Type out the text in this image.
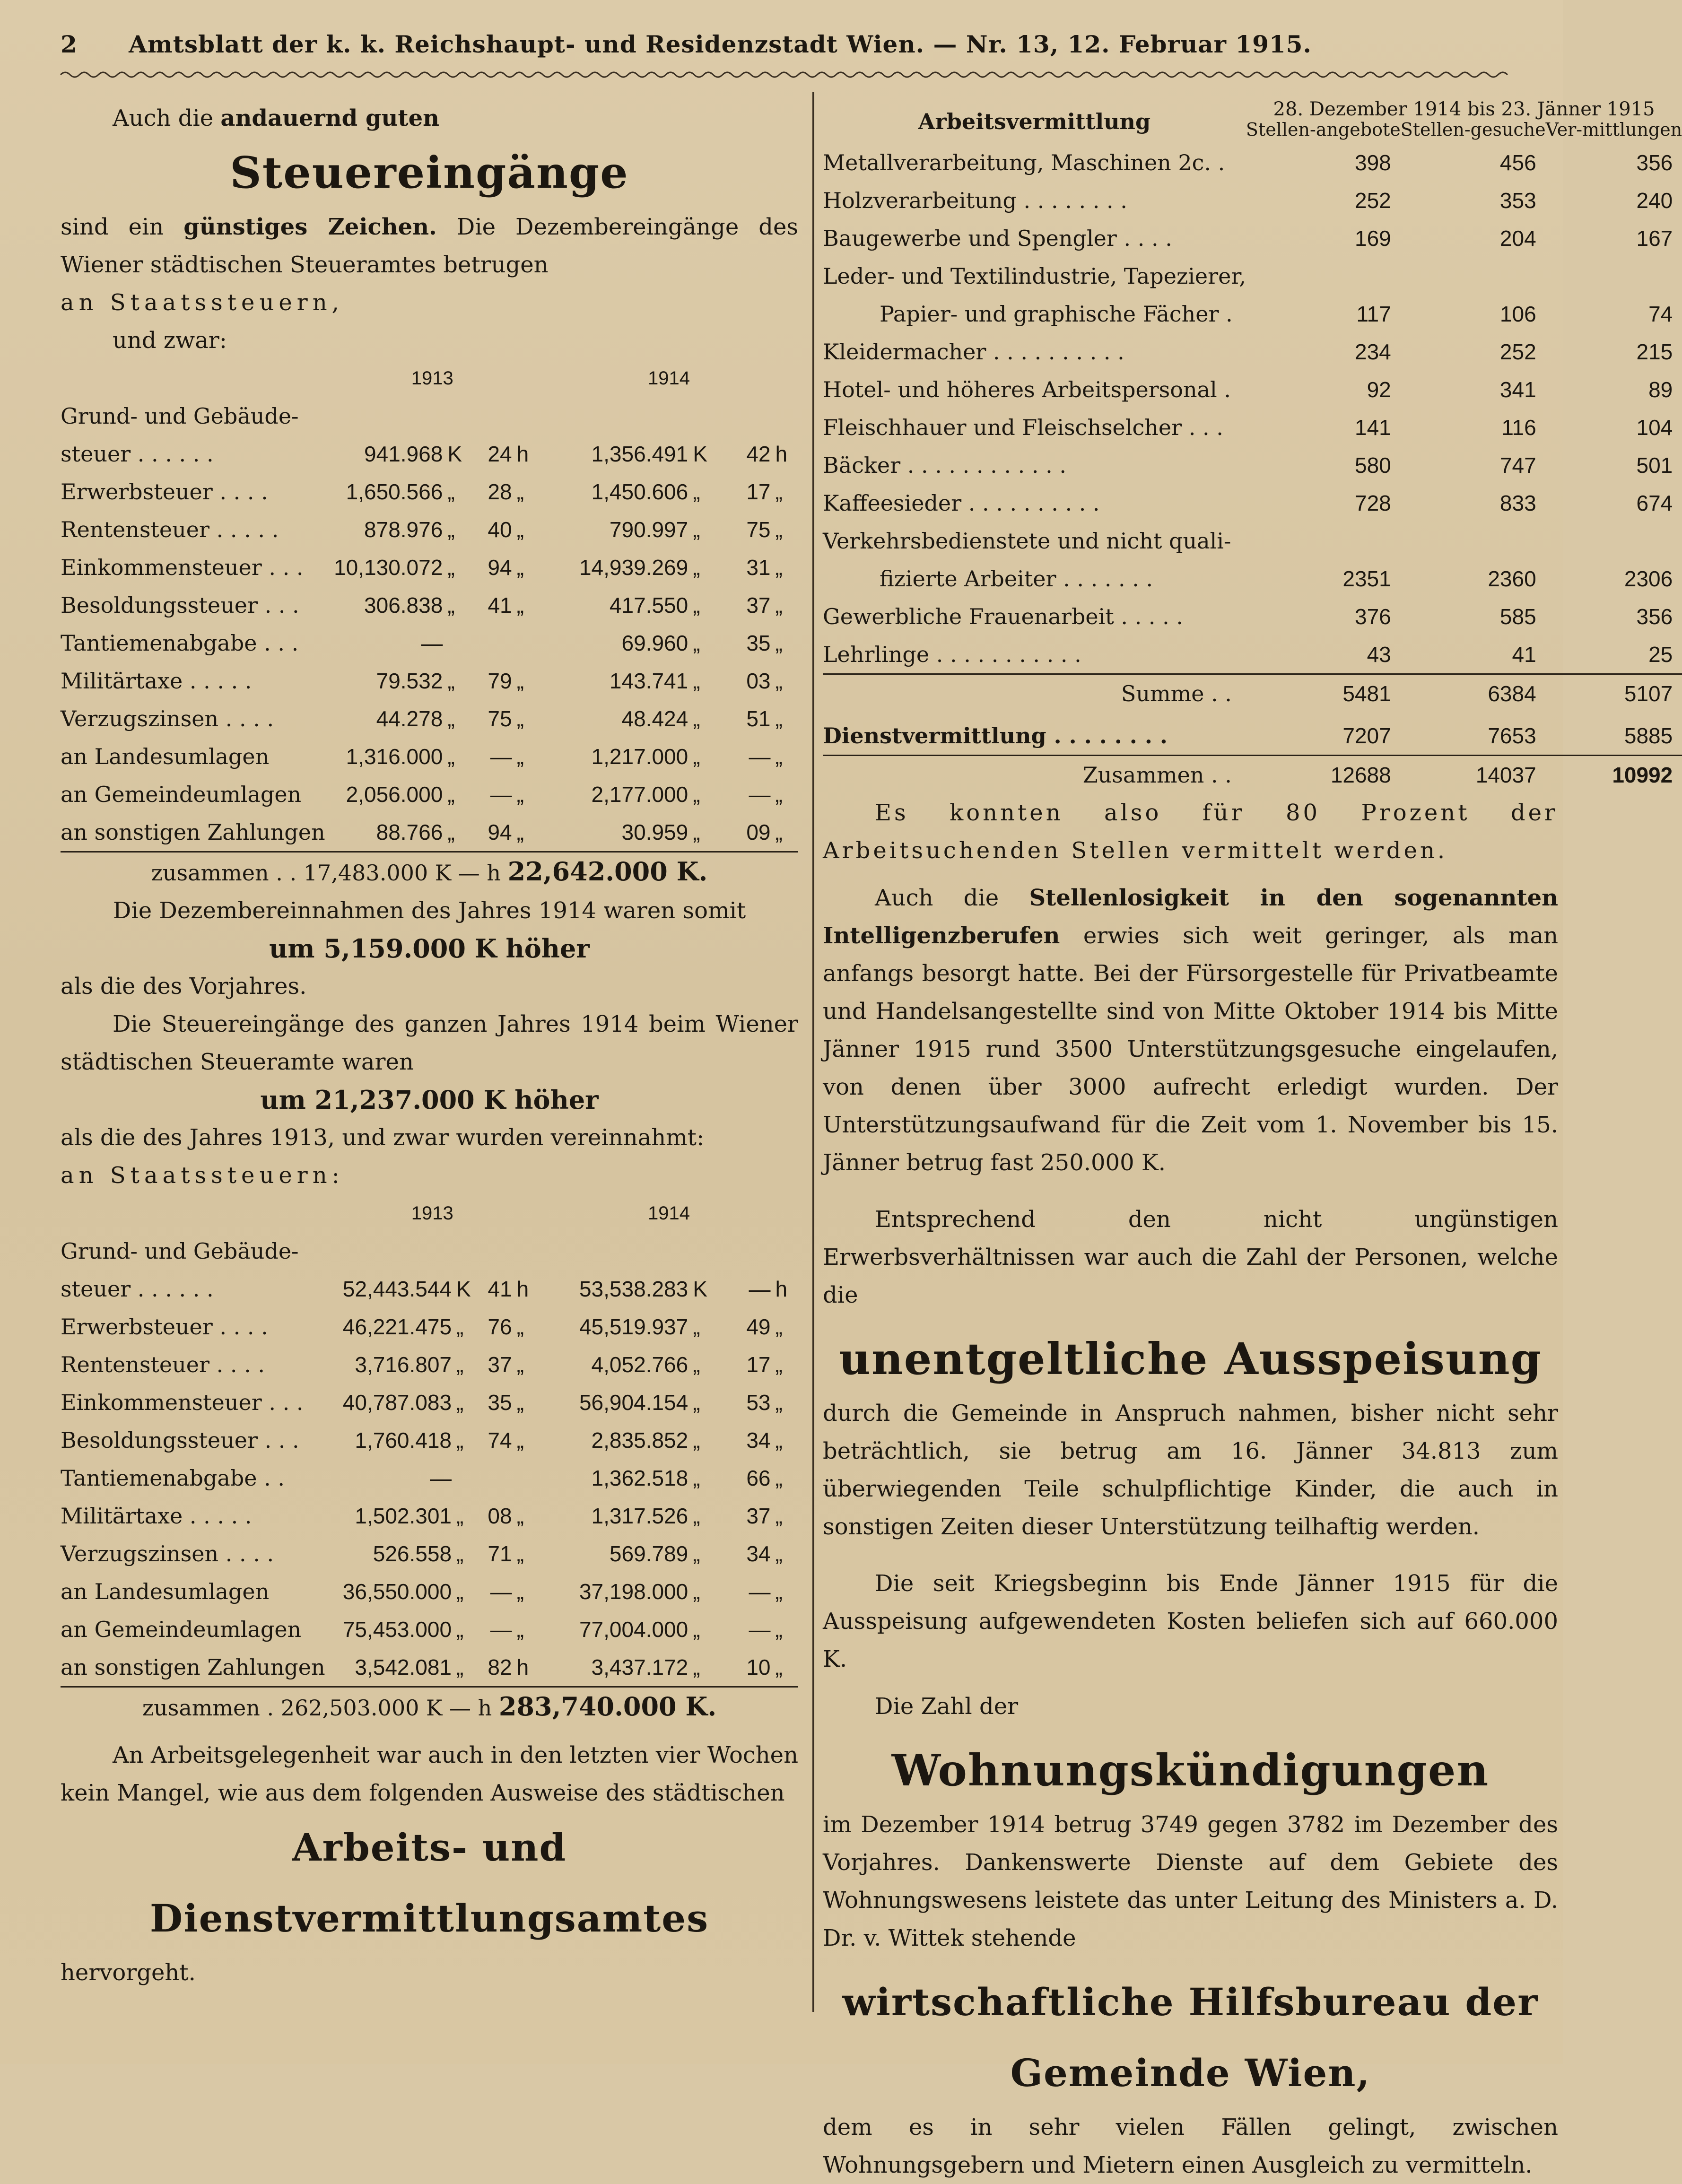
2	Amtsblatt der k. k. Reichshaupt- und Residenzstadt Wien. — Nr. 13, 12. Februar 1915.

Auch die andauernd guten

Steuereingänge

sind ein günstiges Zeichen. Die Dezembereingänge des Wiener städtischen Steueramtes betrugen

an Staatssteuern,

und zwar:

	1913				1914			
Grund- und Gebäude-								
steuer . . . . . .	941.968	K	24	h	1,356.491	K	42	h
Erwerbsteuer . . . .	1,650.566	„	28	„	1,450.606	„	17	„
Rentensteuer . . . . .	878.976	„	40	„	790.997	„	75	„
Einkommensteuer . . .	10,130.072	„	94	„	14,939.269	„	31	„
Besoldungssteuer . . .	306.838	„	41	„	417.550	„	37	„
Tantiemenabgabe . . .	—				69.960	„	35	„
Militärtaxe . . . . .	79.532	„	79	„	143.741	„	03	„
Verzugszinsen . . . .	44.278	„	75	„	48.424	„	51	„
an Landesumlagen	1,316.000	„	—	„	1,217.000	„	—	„
an Gemeindeumlagen	2,056.000	„	—	„	2,177.000	„	—	„
an sonstigen Zahlungen	88.766	„	94	„	30.959	„	09	„
zusammen . . 17,483.000 K — h 22,642.000 K.								

Die Dezembereinnahmen des Jahres 1914 waren somit

um 5,159.000 K höher

als die des Vorjahres.

Die Steuereingänge des ganzen Jahres 1914 beim Wiener städtischen Steueramte waren

um 21,237.000 K höher

als die des Jahres 1913, und zwar wurden vereinnahmt:

an Staatssteuern:

	1913				1914			
Grund- und Gebäude-								
steuer . . . . . .	52,443.544	K	41	h	53,538.283	K	—	h
Erwerbsteuer . . . .	46,221.475	„	76	„	45,519.937	„	49	„
Rentensteuer . . . .	3,716.807	„	37	„	4,052.766	„	17	„
Einkommensteuer . . .	40,787.083	„	35	„	56,904.154	„	53	„
Besoldungssteuer . . .	1,760.418	„	74	„	2,835.852	„	34	„
Tantiemenabgabe . .	—				1,362.518	„	66	„
Militärtaxe . . . . .	1,502.301	„	08	„	1,317.526	„	37	„
Verzugszinsen . . . .	526.558	„	71	„	569.789	„	34	„
an Landesumlagen	36,550.000	„	—	„	37,198.000	„	—	„
an Gemeindeumlagen	75,453.000	„	—	„	77,004.000	„	—	„
an sonstigen Zahlungen	3,542.081	„	82	h	3,437.172	„	10	„
zusammen . 262,503.000 K — h 283,740.000 K.								

An Arbeitsgelegenheit war auch in den letzten vier Wochen kein Mangel, wie aus dem folgenden Ausweise des städtischen

Arbeits- und Dienstvermittlungsamtes

hervorgeht.

Arbeitsvermittlung	28. Dezember 1914 bis 23. Jänner 1915		
	Stellen-angebote	Stellen-gesuche	Ver-mittlungen
Metallverarbeitung, Maschinen 2c. .	398	456	356
Holzverarbeitung . . . . . . . .	252	353	240
Baugewerbe und Spengler . . . .	169	204	167
Leder- und Textilindustrie, Tapezierer,			
Papier- und graphische Fächer .	117	106	74
Kleidermacher . . . . . . . . . .	234	252	215
Hotel- und höheres Arbeitspersonal .	92	341	89
Fleischhauer und Fleischselcher . . .	141	116	104
Bäcker . . . . . . . . . . . .	580	747	501
Kaffeesieder . . . . . . . . . .	728	833	674
Verkehrsbedienstete und nicht quali-			
fizierte Arbeiter . . . . . . .	2351	2360	2306
Gewerbliche Frauenarbeit . . . . .	376	585	356
Lehrlinge . . . . . . . . . . .	43	41	25
Summe . .	5481	6384	5107
Dienstvermittlung . . . . . . . .	7207	7653	5885
Zusammen . .	12688	14037	10992

Es konnten also für 80 Prozent der Arbeitsuchenden Stellen vermittelt werden.

Auch die Stellenlosigkeit in den sogenannten Intelligenzberufen erwies sich weit geringer, als man anfangs besorgt hatte. Bei der Fürsorgestelle für Privatbeamte und Handelsangestellte sind von Mitte Oktober 1914 bis Mitte Jänner 1915 rund 3500 Unterstützungsgesuche eingelaufen, von denen über 3000 aufrecht erledigt wurden. Der Unterstützungsaufwand für die Zeit vom 1. November bis 15. Jänner betrug fast 250.000 K.

Entsprechend den nicht ungünstigen Erwerbsverhältnissen war auch die Zahl der Personen, welche die

unentgeltliche Ausspeisung

durch die Gemeinde in Anspruch nahmen, bisher nicht sehr beträchtlich, sie betrug am 16. Jänner 34.813 zum überwiegenden Teile schulpflichtige Kinder, die auch in sonstigen Zeiten dieser Unterstützung teilhaftig werden.

Die seit Kriegsbeginn bis Ende Jänner 1915 für die Ausspeisung aufgewendeten Kosten beliefen sich auf 660.000 K.

Die Zahl der

Wohnungskündigungen

im Dezember 1914 betrug 3749 gegen 3782 im Dezember des Vorjahres. Dankenswerte Dienste auf dem Gebiete des Wohnungswesens leistete das unter Leitung des Ministers a. D. Dr. v. Wittek stehende

wirtschaftliche Hilfsbureau der Gemeinde Wien,

dem es in sehr vielen Fällen gelingt, zwischen Wohnungsgebern und Mietern einen Ausgleich zu vermitteln.
